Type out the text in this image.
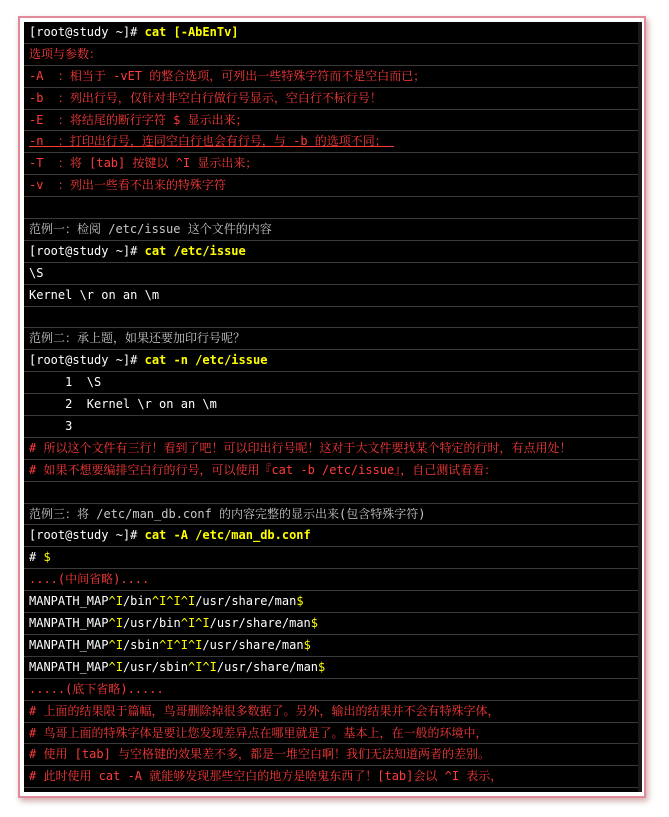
[root@study ~]# cat [-AbEnTv]
选项与参数：
-A  ：相当于 -vET 的整合选项，可列出一些特殊字符而不是空白而已；
-b  ：列出行号，仅针对非空白行做行号显示，空白行不标行号！
-E  ：将结尾的断行字符 $ 显示出来；
-n  ：打印出行号，连同空白行也会有行号，与 -b 的选项不同；
-T  ：将 [tab] 按键以 ^I 显示出来；
-v  ：列出一些看不出来的特殊字符
范例一：检阅 /etc/issue 这个文件的内容
[root@study ~]# cat /etc/issue
\S
Kernel \r on an \m
范例二：承上题，如果还要加印行号呢？
[root@study ~]# cat -n /etc/issue
1  \S
2  Kernel \r on an \m
3
# 所以这个文件有三行！看到了吧！可以印出行号呢！这对于大文件要找某个特定的行时，有点用处！
# 如果不想要编排空白行的行号，可以使用『cat -b /etc/issue』，自己测试看看：
范例三：将 /etc/man_db.conf 的内容完整的显示出来(包含特殊字符)
[root@study ~]# cat -A /etc/man_db.conf
# $
....(中间省略)....
MANPATH_MAP^I/bin^I^I^I/usr/share/man$
MANPATH_MAP^I/usr/bin^I^I/usr/share/man$
MANPATH_MAP^I/sbin^I^I^I/usr/share/man$
MANPATH_MAP^I/usr/sbin^I^I/usr/share/man$
.....(底下省略).....
# 上面的结果限于篇幅，鸟哥删除掉很多数据了。另外，输出的结果并不会有特殊字体，
# 鸟哥上面的特殊字体是要让您发现差异点在哪里就是了。基本上，在一般的环境中，
# 使用 [tab] 与空格键的效果差不多，都是一堆空白啊！我们无法知道两者的差别。
# 此时使用 cat -A 就能够发现那些空白的地方是啥鬼东西了！[tab]会以 ^I 表示，
